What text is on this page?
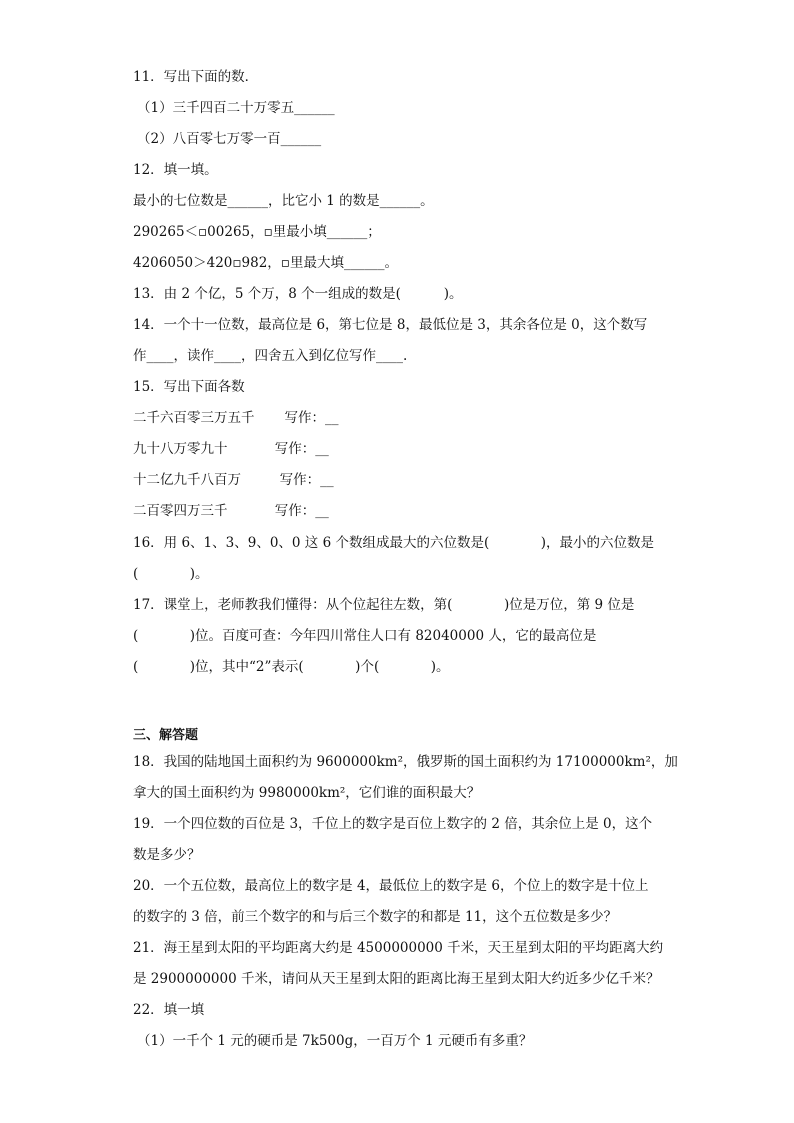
11．写出下面的数．
（1）三千四百二十万零五______
（2）八百零七万零一百______
12．填一填。
最小的七位数是______，比它小 1 的数是______。
290265＜▫00265，▫里最小填______；
4206050＞420▫982，▫里最大填______。
13．由 2 个亿，5 个万，8 个一组成的数是(          )。
14．一个十一位数，最高位是 6，第七位是 8，最低位是 3，其余各位是 0，这个数写
作____，读作____，四舍五入到亿位写作____.
15．写出下面各数
二千六百零三万五千       写作：__
九十八万零九十           写作：__
十二亿九千八百万         写作：__
二百零四万三千           写作：__
16．用 6、1、3、9、0、0 这 6 个数组成最大的六位数是(            )，最小的六位数是
(            )。
17．课堂上，老师教我们懂得：从个位起往左数，第(            )位是万位，第 9 位是
(            )位。百度可查：今年四川常住人口有 82040000 人，它的最高位是
(            )位，其中“2”表示(            )个(            )。
三、解答题
18．我国的陆地国土面积约为 9600000km²，俄罗斯的国土面积约为 17100000km²，加
拿大的国土面积约为 9980000km²，它们谁的面积最大？
19．一个四位数的百位是 3，千位上的数字是百位上数字的 2 倍，其余位上是 0，这个
数是多少？
20．一个五位数，最高位上的数字是 4，最低位上的数字是 6，个位上的数字是十位上
的数字的 3 倍，前三个数字的和与后三个数字的和都是 11，这个五位数是多少？
21．海王星到太阳的平均距离大约是 4500000000 千米，天王星到太阳的平均距离大约
是 2900000000 千米，请问从天王星到太阳的距离比海王星到太阳大约近多少亿千米？
22．填一填
（1）一千个 1 元的硬币是 7k500g，一百万个 1 元硬币有多重？
